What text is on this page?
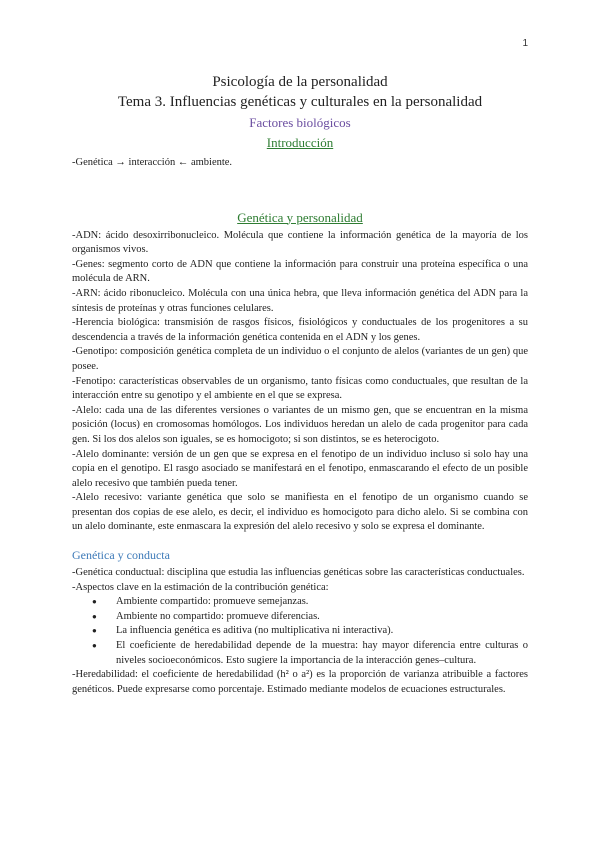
1
Psicología de la personalidad
Tema 3. Influencias genéticas y culturales en la personalidad
Factores biológicos
Introducción

-Genética → interacción ← ambiente.

Genética y personalidad

-ADN: ácido desoxirribonucleico. Molécula que contiene la información genética de la mayoría de los organismos vivos.

-Genes: segmento corto de ADN que contiene la información para construir una proteína específica o una molécula de ARN.

-ARN: ácido ribonucleico. Molécula con una única hebra, que lleva información genética del ADN para la síntesis de proteínas y otras funciones celulares.

-Herencia biológica: transmisión de rasgos físicos, fisiológicos y conductuales de los progenitores a su descendencia a través de la información genética contenida en el ADN y los genes.

-Genotipo: composición genética completa de un individuo o el conjunto de alelos (variantes de un gen) que posee.

-Fenotipo: características observables de un organismo, tanto físicas como conductuales, que resultan de la interacción entre su genotipo y el ambiente en el que se expresa.

-Alelo: cada una de las diferentes versiones o variantes de un mismo gen, que se encuentran en la misma posición (locus) en cromosomas homólogos. Los individuos heredan un alelo de cada progenitor para cada gen. Si los dos alelos son iguales, se es homocigoto; si son distintos, se es heterocigoto.

-Alelo dominante: versión de un gen que se expresa en el fenotipo de un individuo incluso si solo hay una copia en el genotipo. El rasgo asociado se manifestará en el fenotipo, enmascarando el efecto de un posible alelo recesivo que también pueda tener.

-Alelo recesivo: variante genética que solo se manifiesta en el fenotipo de un organismo cuando se presentan dos copias de ese alelo, es decir, el individuo es homocigoto para dicho alelo. Si se combina con un alelo dominante, este enmascara la expresión del alelo recesivo y solo se expresa el dominante.

Genética y conducta

-Genética conductual: disciplina que estudia las influencias genéticas sobre las características conductuales.

-Aspectos clave en la estimación de la contribución genética:

● Ambiente compartido: promueve semejanzas.
● Ambiente no compartido: promueve diferencias.
● La influencia genética es aditiva (no multiplicativa ni interactiva).
● El coeficiente de heredabilidad depende de la muestra: hay mayor diferencia entre culturas o niveles socioeconómicos. Esto sugiere la importancia de la interacción genes–cultura.

-Heredabilidad: el coeficiente de heredabilidad (h² o a²) es la proporción de varianza atribuible a factores genéticos. Puede expresarse como porcentaje. Estimado mediante modelos de ecuaciones estructurales.
